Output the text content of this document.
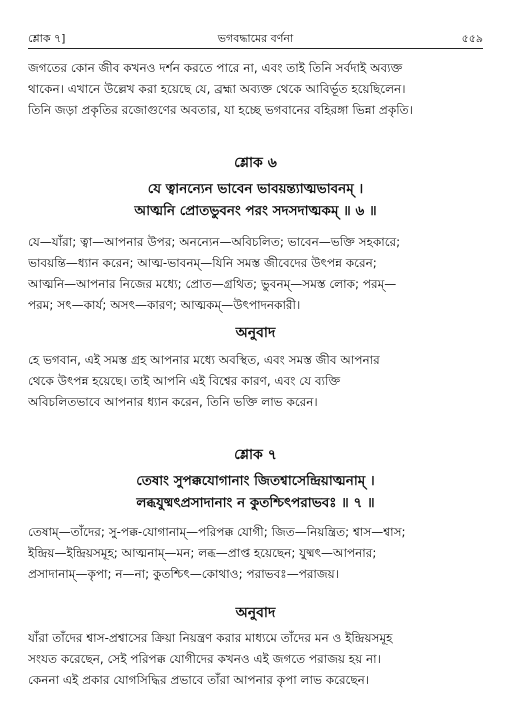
শ্লোক ৭]	ভগবদ্ধামের বর্ণনা	৫৫৯
জগতের কোন জীব কখনও দর্শন করতে পারে না, এবং তাই তিনি সর্বদাই অব্যক্ত
থাকেন। এখানে উল্লেখ করা হয়েছে যে, ব্রহ্মা অব্যক্ত থেকে আবির্ভূত হয়েছিলেন।
তিনি জড়া প্রকৃতির রজোগুণের অবতার, যা হচ্ছে ভগবানের বহিরঙ্গা ভিন্না প্রকৃতি।
শ্লোক ৬
যে ত্বানন্যেন ভাবেন ভাবয়ন্ত্যাত্মভাবনম্ ।
আত্মনি প্রোতভুবনং পরং সদসদাত্মকম্ ॥ ৬ ॥
যে—যাঁরা; ত্বা—আপনার উপর; অনন্যেন—অবিচলিত; ভাবেন—ভক্তি সহকারে;
ভাবয়ন্তি—ধ্যান করেন; আত্ম-ভাবনম্—যিনি সমস্ত জীবেদের উৎপন্ন করেন;
আত্মনি—আপনার নিজের মধ্যে; প্রোত—গ্রথিত; ভুবনম্—সমস্ত লোক; পরম্—
পরম; সৎ—কার্য; অসৎ—কারণ; আত্মকম্—উৎপাদনকারী।
অনুবাদ
হে ভগবান, এই সমস্ত গ্রহ আপনার মধ্যে অবস্থিত, এবং সমস্ত জীব আপনার
থেকে উৎপন্ন হয়েছে। তাই আপনি এই বিশ্বের কারণ, এবং যে ব্যক্তি
অবিচলিতভাবে আপনার ধ্যান করেন, তিনি ভক্তি লাভ করেন।
শ্লোক ৭
তেষাং সুপক্কযোগানাং জিতশ্বাসেন্দ্রিয়াত্মনাম্ ।
লব্ধযুষ্মৎপ্রসাদানাং ন কুতশ্চিৎপরাভবঃ ॥ ৭ ॥
তেষাম্—তাঁদের; সু-পক্ক-যোগানাম্—পরিপক্ক যোগী; জিত—নিয়ন্ত্রিত; শ্বাস—শ্বাস;
ইন্দ্রিয়—ইন্দ্রিয়সমূহ; আত্মনাম্—মন; লব্ধ—প্রাপ্ত হয়েছেন; যুষ্মৎ—আপনার;
প্রসাদানাম্—কৃপা; ন—না; কুতশ্চিৎ—কোথাও; পরাভবঃ—পরাজয়।
অনুবাদ
যাঁরা তাঁদের শ্বাস-প্রশ্বাসের ক্রিয়া নিয়ন্ত্রণ করার মাধ্যমে তাঁদের মন ও ইন্দ্রিয়সমূহ
সংযত করেছেন, সেই পরিপক্ক যোগীদের কখনও এই জগতে পরাজয় হয় না।
কেননা এই প্রকার যোগসিদ্ধির প্রভাবে তাঁরা আপনার কৃপা লাভ করেছেন।
